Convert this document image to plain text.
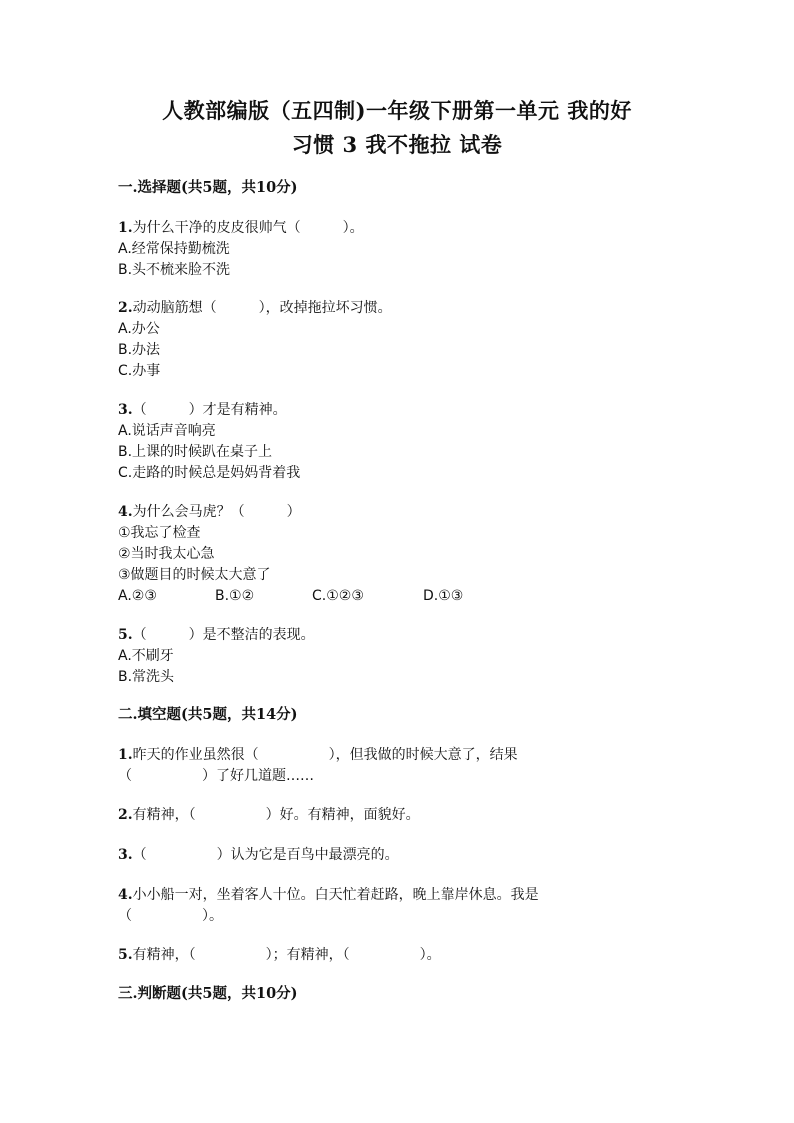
人教部编版（五四制)一年级下册第一单元 我的好
习惯 3 我不拖拉 试卷
一.选择题(共5题，共10分)
1.为什么干净的皮皮很帅气（　　　）。
A.经常保持勤梳洗
B.头不梳来脸不洗
2.动动脑筋想（　　　），改掉拖拉坏习惯。
A.办公
B.办法
C.办事
3.（　　　）才是有精神。
A.说话声音响亮
B.上课的时候趴在桌子上
C.走路的时候总是妈妈背着我
4.为什么会马虎？（　　　）
①我忘了检查
②当时我太心急
③做题目的时候太大意了
A.②③	B.①②	C.①②③	D.①③
5.（　　　）是不整洁的表现。
A.不刷牙
B.常洗头
二.填空题(共5题，共14分)
1.昨天的作业虽然很（　　　　　），但我做的时候大意了，结果
（　　　　　）了好几道题……
2.有精神，（　　　　　）好。有精神，面貌好。
3.（　　　　　）认为它是百鸟中最漂亮的。
4.小小船一对，坐着客人十位。白天忙着赶路，晚上靠岸休息。我是
（　　　　　）。
5.有精神，（　　　　　）；有精神，（　　　　　）。
三.判断题(共5题，共10分)
